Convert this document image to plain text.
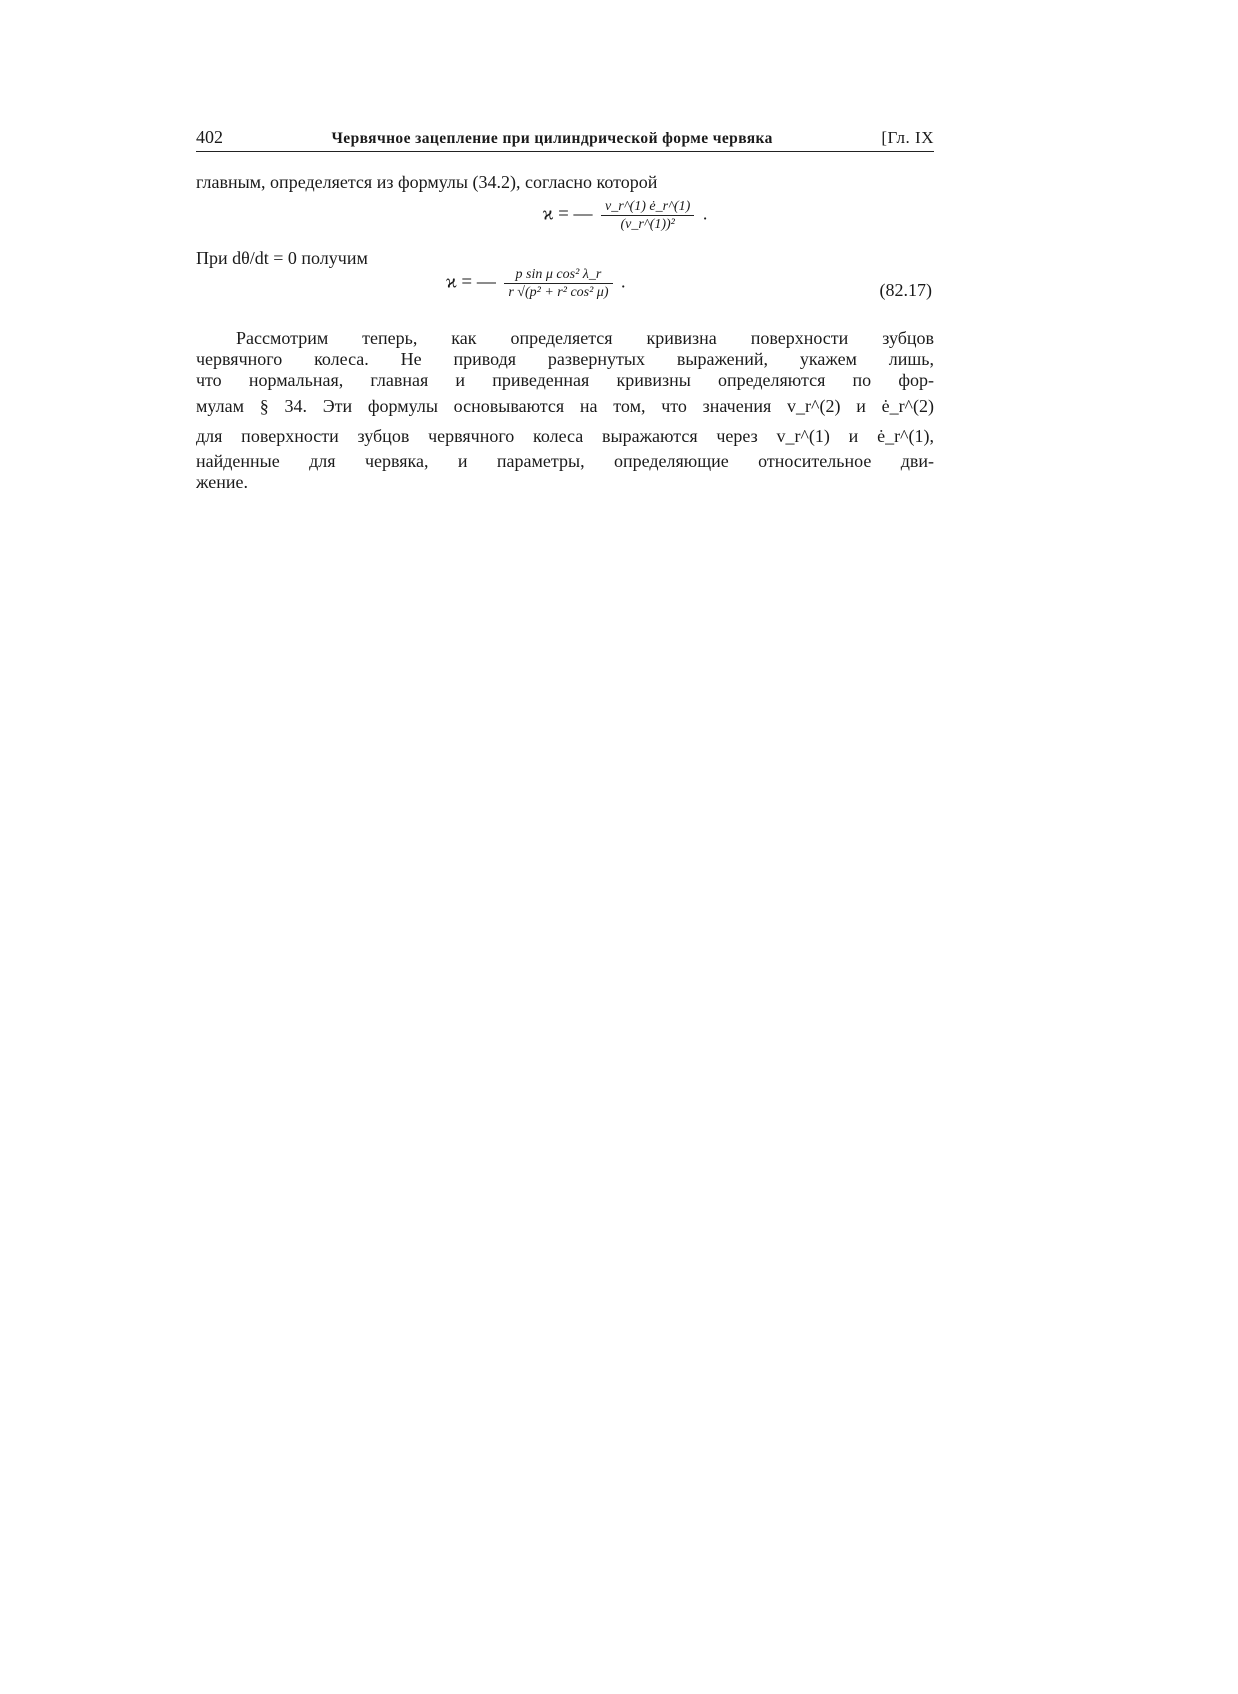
402	Червячное зацепление при цилиндрической форме червяка	[Гл. IX
главным, определяется из формулы (34.2), согласно которой
ϰ = — $\frac{v\_r\^{}(1) ė\_r\^{}(1)}{\text{(v\_r\textasciicircum{}(1))²}}$ .
При dθ/dt = 0 получим
ϰ = — $\frac{\text{p sin μ cos² λ\_r}}{\text{r √(p² + r² cos² μ)}}$ .	(82.17)
Рассмотрим теперь, как определяется кривизна поверхности зубцов
червячного колеса. Не приводя развернутых выражений, укажем лишь,
что нормальная, главная и приведенная кривизны определяются по фор-
мулам § 34. Эти формулы основываются на том, что значения v_r^(2) и ė_r^(2)
для поверхности зубцов червячного колеса выражаются через v_r^(1) и ė_r^(1),
найденные для червяка, и параметры, определяющие относительное дви-
жение.
